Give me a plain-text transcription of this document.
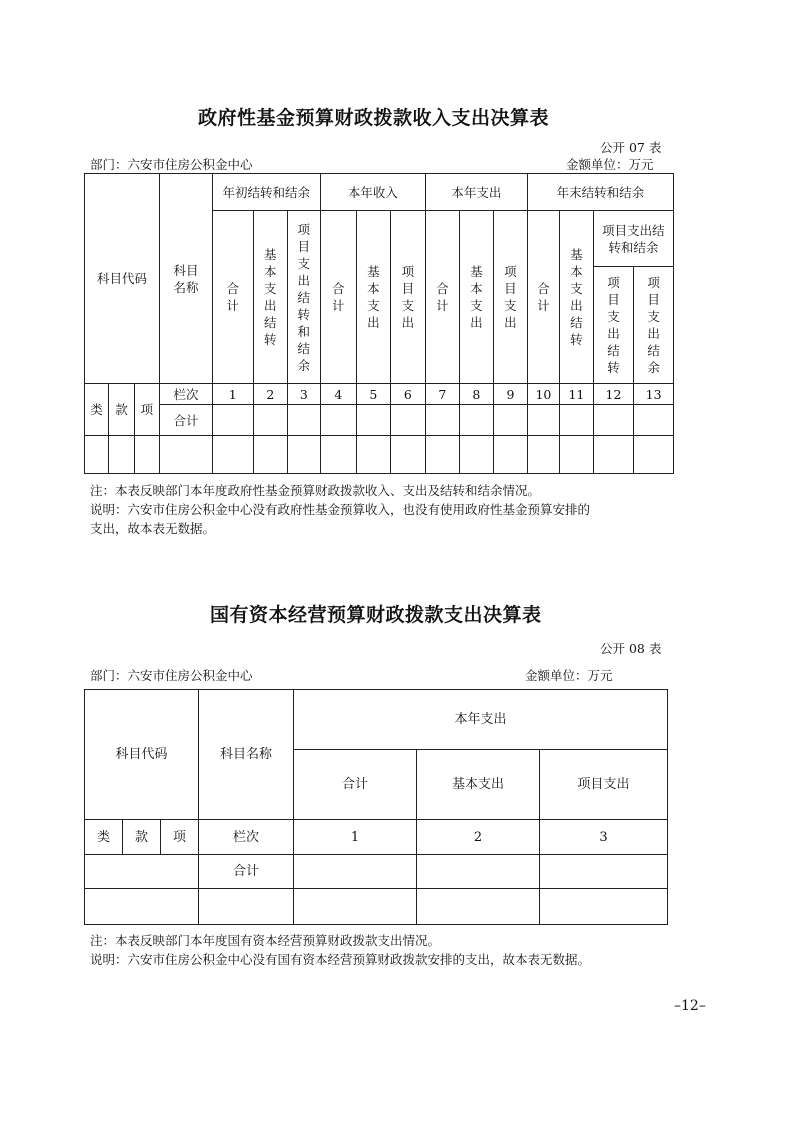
政府性基金预算财政拨款收入支出决算表
公开 07 表
部门：六安市住房公积金中心	金额单位：万元
科目代码			科目名称	年初结转和结余			本年收入			本年支出			年末结转和结余			
				合计	基本支出结转	项目支出结转和结余	合计	基本支出	项目支出	合计	基本支出	项目支出	合计	基本支出结转	项目支出结转和结余	
															项目支出结转	项目支出结余
类	款	项	栏次	1	2	3	4	5	6	7	8	9	10	11	12	13
			合计													

注：本表反映部门本年度政府性基金预算财政拨款收入、支出及结转和结余情况。
说明：六安市住房公积金中心没有政府性基金预算收入，也没有使用政府性基金预算安排的
支出，故本表无数据。
国有资本经营预算财政拨款支出决算表
公开 08 表
部门：六安市住房公积金中心	金额单位：万元
科目代码			科目名称	本年支出		
				合计	基本支出	项目支出
类	款	项	栏次	1	2	3
			合计			

注：本表反映部门本年度国有资本经营预算财政拨款支出情况。
说明：六安市住房公积金中心没有国有资本经营预算财政拨款安排的支出，故本表无数据。
–12–
